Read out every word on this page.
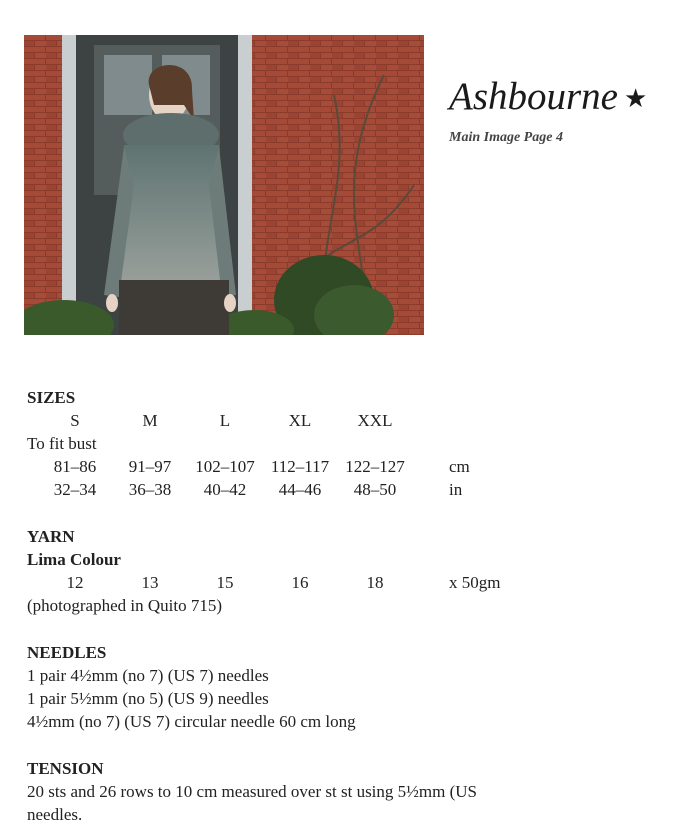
Ashbourne ★
Main Image Page 4
SIZES
S	M	L	XL	XXL
To fit bust
81–86	91–97	102–107 112–117 122–127	cm
32–34	36–38	40–42	44–46	48–50	in
YARN
Lima Colour
12	13	15	16	18	x 50gm
(photographed in Quito 715)
NEEDLES
1 pair 4½mm (no 7) (US 7) needles
1 pair 5½mm (no 5) (US 9) needles
4½mm (no 7) (US 7) circular needle 60 cm long
TENSION
20 sts and 26 rows to 10 cm measured over st st using 5½mm (US
needles.
